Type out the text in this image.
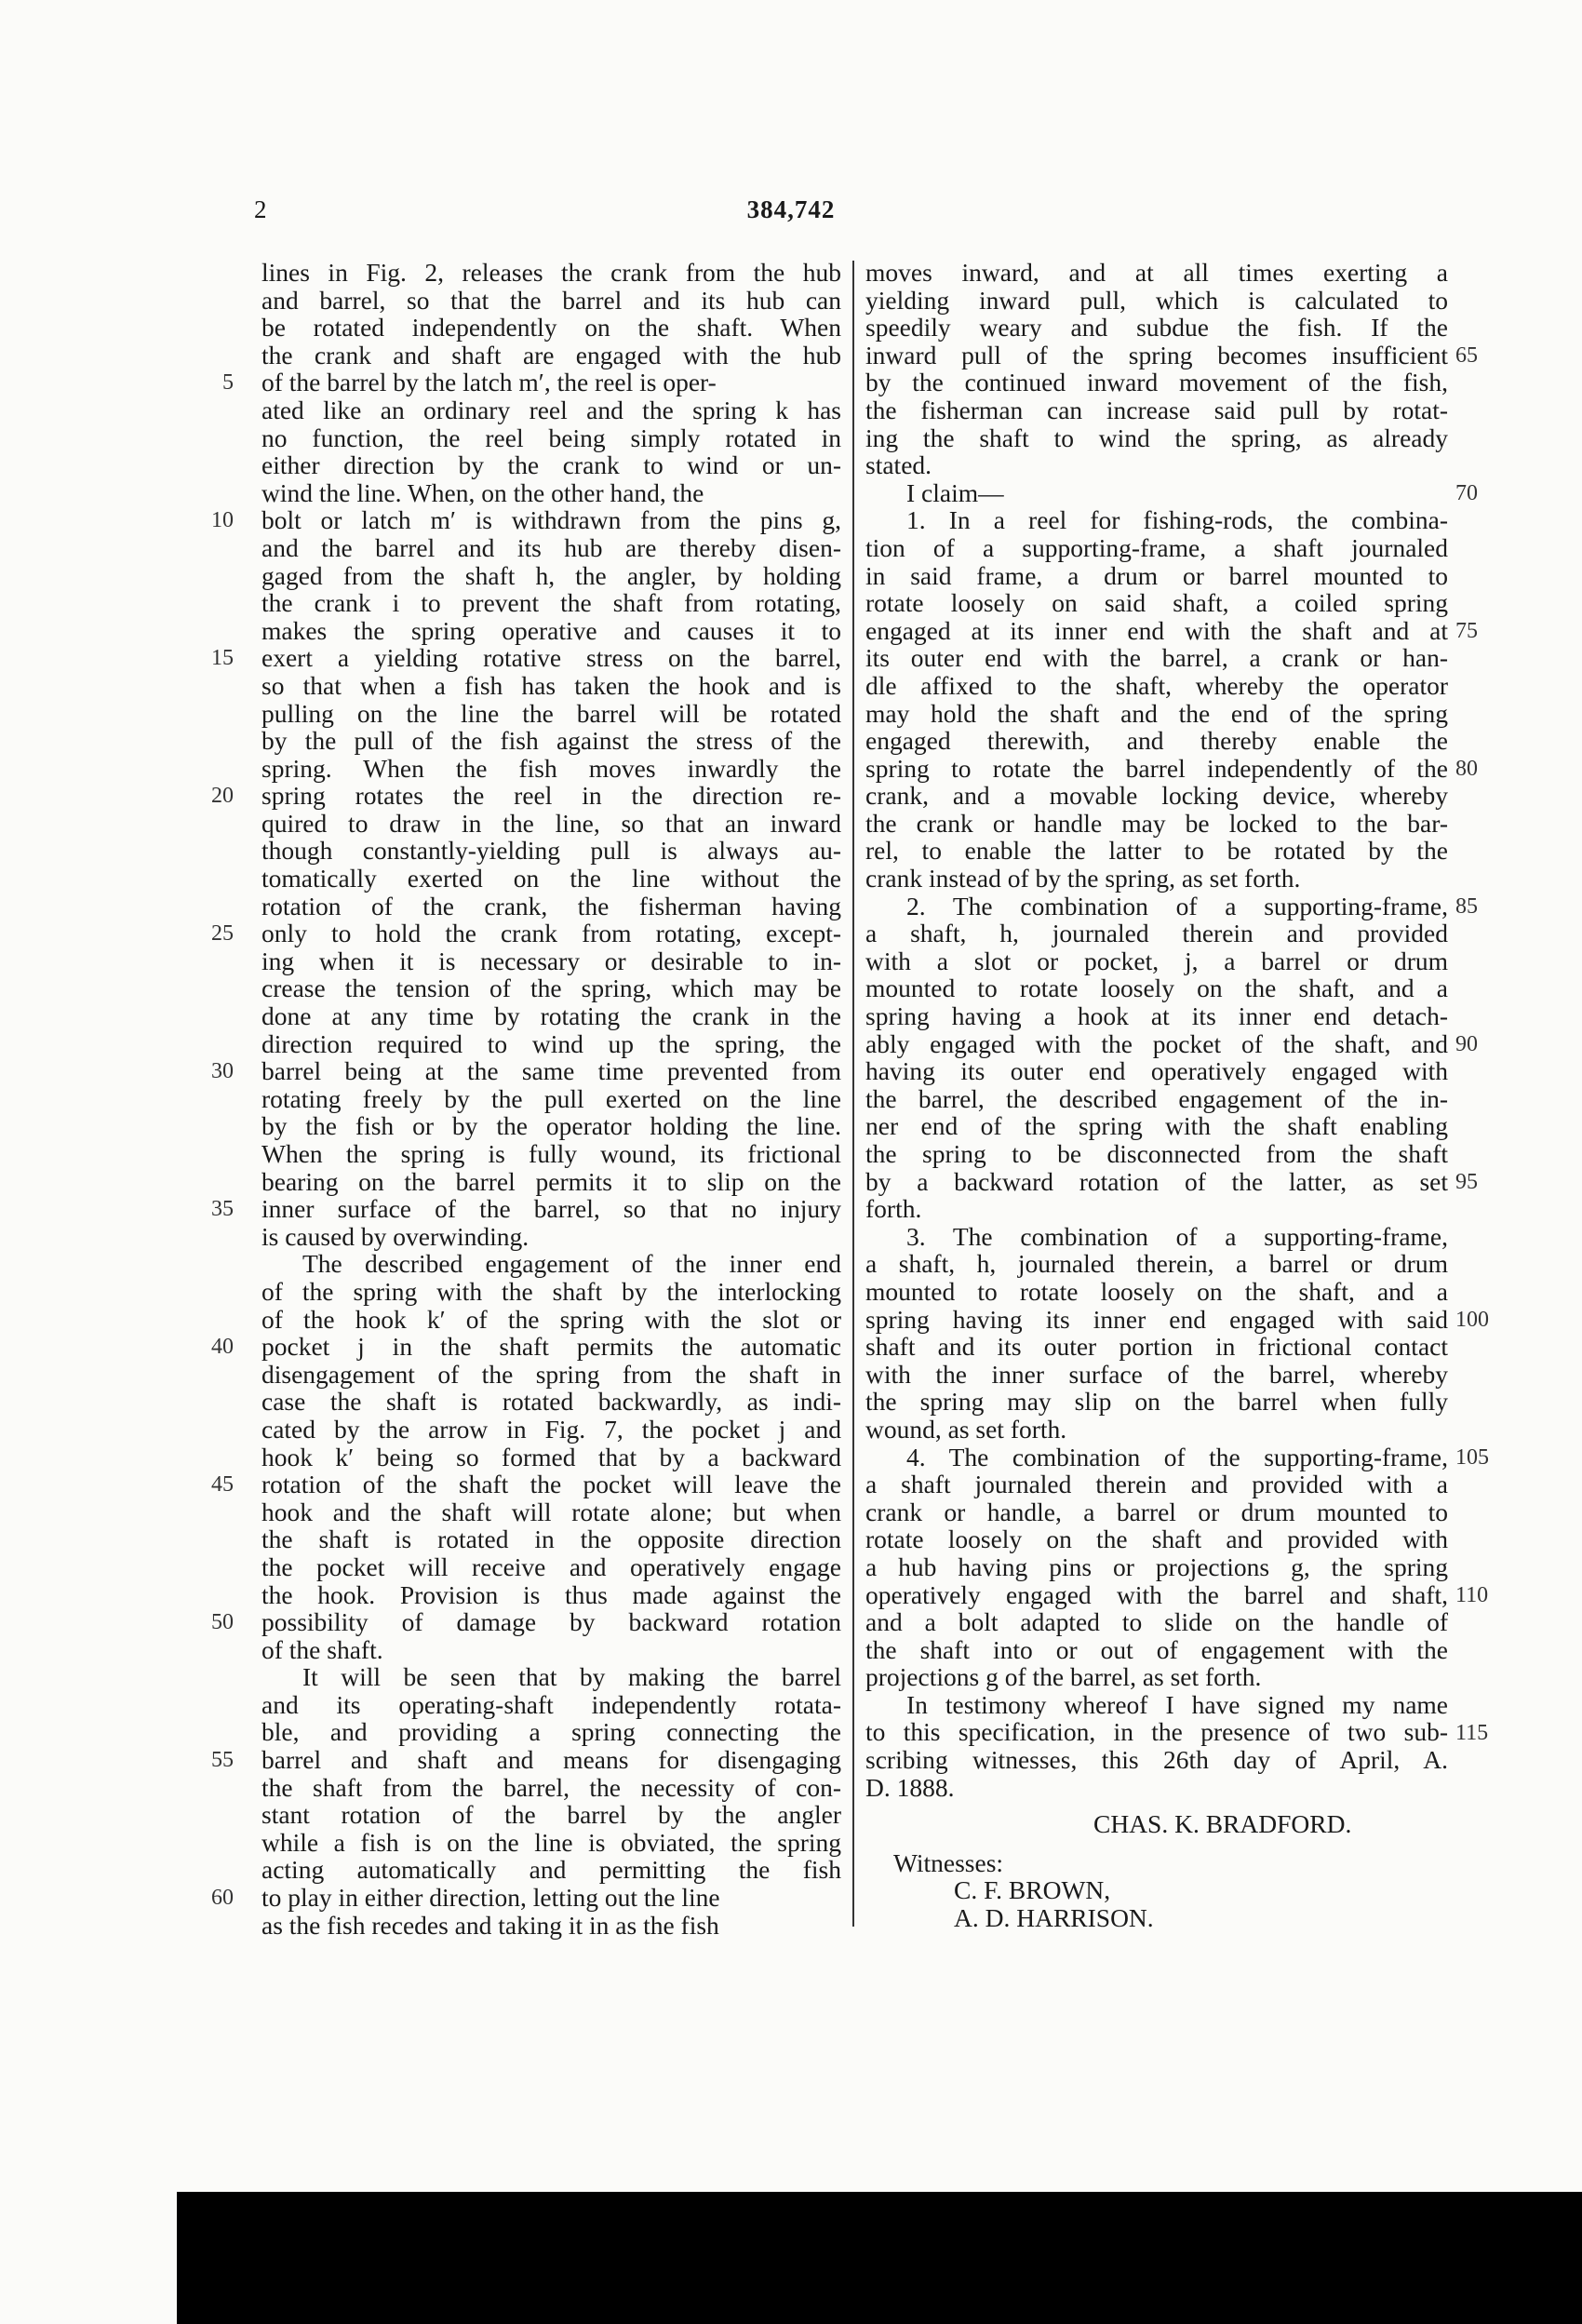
2	384,742
lines in Fig. 2, releases the crank from the hub
and barrel, so that the barrel and its hub can
be rotated independently on the shaft. When
the crank and shaft are engaged with the hub
of the barrel by the latch m′, the reel is oper-
ated like an ordinary reel and the spring k has
no function, the reel being simply rotated in
either direction by the crank to wind or un-
wind the line. When, on the other hand, the
bolt or latch m′ is withdrawn from the pins g,
and the barrel and its hub are thereby disen-
gaged from the shaft h, the angler, by holding
the crank i to prevent the shaft from rotating,
makes the spring operative and causes it to
exert a yielding rotative stress on the barrel,
so that when a fish has taken the hook and is
pulling on the line the barrel will be rotated
by the pull of the fish against the stress of the
spring. When the fish moves inwardly the
spring rotates the reel in the direction re-
quired to draw in the line, so that an inward
though constantly-yielding pull is always au-
tomatically exerted on the line without the
rotation of the crank, the fisherman having
only to hold the crank from rotating, except-
ing when it is necessary or desirable to in-
crease the tension of the spring, which may be
done at any time by rotating the crank in the
direction required to wind up the spring, the
barrel being at the same time prevented from
rotating freely by the pull exerted on the line
by the fish or by the operator holding the line.
When the spring is fully wound, its frictional
bearing on the barrel permits it to slip on the
inner surface of the barrel, so that no injury
is caused by overwinding.
The described engagement of the inner end
of the spring with the shaft by the interlocking
of the hook k′ of the spring with the slot or
pocket j in the shaft permits the automatic
disengagement of the spring from the shaft in
case the shaft is rotated backwardly, as indi-
cated by the arrow in Fig. 7, the pocket j and
hook k′ being so formed that by a backward
rotation of the shaft the pocket will leave the
hook and the shaft will rotate alone; but when
the shaft is rotated in the opposite direction
the pocket will receive and operatively engage
the hook. Provision is thus made against the
possibility of damage by backward rotation
of the shaft.
It will be seen that by making the barrel
and its operating-shaft independently rotata-
ble, and providing a spring connecting the
barrel and shaft and means for disengaging
the shaft from the barrel, the necessity of con-
stant rotation of the barrel by the angler
while a fish is on the line is obviated, the spring
acting automatically and permitting the fish
to play in either direction, letting out the line
as the fish recedes and taking it in as the fish
moves inward, and at all times exerting a
yielding inward pull, which is calculated to
speedily weary and subdue the fish. If the
inward pull of the spring becomes insufficient
by the continued inward movement of the fish,
the fisherman can increase said pull by rotat-
ing the shaft to wind the spring, as already
stated.
I claim—
1. In a reel for fishing-rods, the combina-
tion of a supporting-frame, a shaft journaled
in said frame, a drum or barrel mounted to
rotate loosely on said shaft, a coiled spring
engaged at its inner end with the shaft and at
its outer end with the barrel, a crank or han-
dle affixed to the shaft, whereby the operator
may hold the shaft and the end of the spring
engaged therewith, and thereby enable the
spring to rotate the barrel independently of the
crank, and a movable locking device, whereby
the crank or handle may be locked to the bar-
rel, to enable the latter to be rotated by the
crank instead of by the spring, as set forth.
2. The combination of a supporting-frame,
a shaft, h, journaled therein and provided
with a slot or pocket, j, a barrel or drum
mounted to rotate loosely on the shaft, and a
spring having a hook at its inner end detach-
ably engaged with the pocket of the shaft, and
having its outer end operatively engaged with
the barrel, the described engagement of the in-
ner end of the spring with the shaft enabling
the spring to be disconnected from the shaft
by a backward rotation of the latter, as set
forth.
3. The combination of a supporting-frame,
a shaft, h, journaled therein, a barrel or drum
mounted to rotate loosely on the shaft, and a
spring having its inner end engaged with said
shaft and its outer portion in frictional contact
with the inner surface of the barrel, whereby
the spring may slip on the barrel when fully
wound, as set forth.
4. The combination of the supporting-frame,
a shaft journaled therein and provided with a
crank or handle, a barrel or drum mounted to
rotate loosely on the shaft and provided with
a hub having pins or projections g, the spring
operatively engaged with the barrel and shaft,
and a bolt adapted to slide on the handle of
the shaft into or out of engagement with the
projections g of the barrel, as set forth.
In testimony whereof I have signed my name
to this specification, in the presence of two sub-
scribing witnesses, this 26th day of April, A.
D. 1888.
CHAS. K. BRADFORD.
Witnesses:
C. F. BROWN,
A. D. HARRISON.
5
10
15
20
25
30
35
40
45
50
55
60
65
70
75
80
85
90
95
100
105
110
115
